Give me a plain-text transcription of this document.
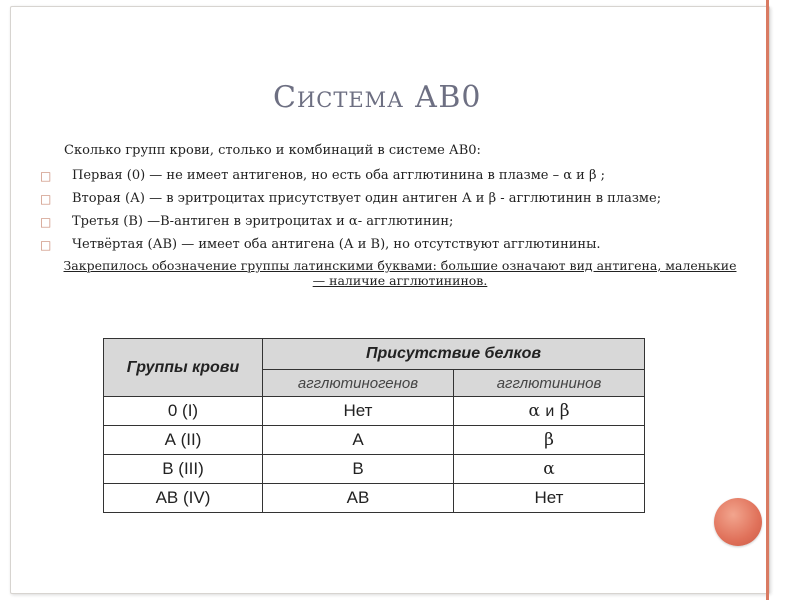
Система АВ0
Сколько групп крови, столько и комбинаций в системе АВ0:
□ Первая (0) — не имеет антигенов, но есть оба агглютинина в плазме – α и β ;
□ Вторая (А) — в эритроцитах присутствует один антиген А и β - агглютинин в плазме;
□ Третья (В) —В-антиген в эритроцитах и α- агглютинин;
□ Четвёртая (АВ) — имеет оба антигена (А и В), но отсутствуют агглютинины.
Закрепилось обозначение группы латинскими буквами: большие означают вид антигена, маленькие — наличие агглютининов.
Группы крови	Присутствие белков	
	агглютиногенов	агглютининов
0 (I)	Нет	α и β
А (II)	А	β
В (III)	В	α
АВ (IV)	АВ	Нет
